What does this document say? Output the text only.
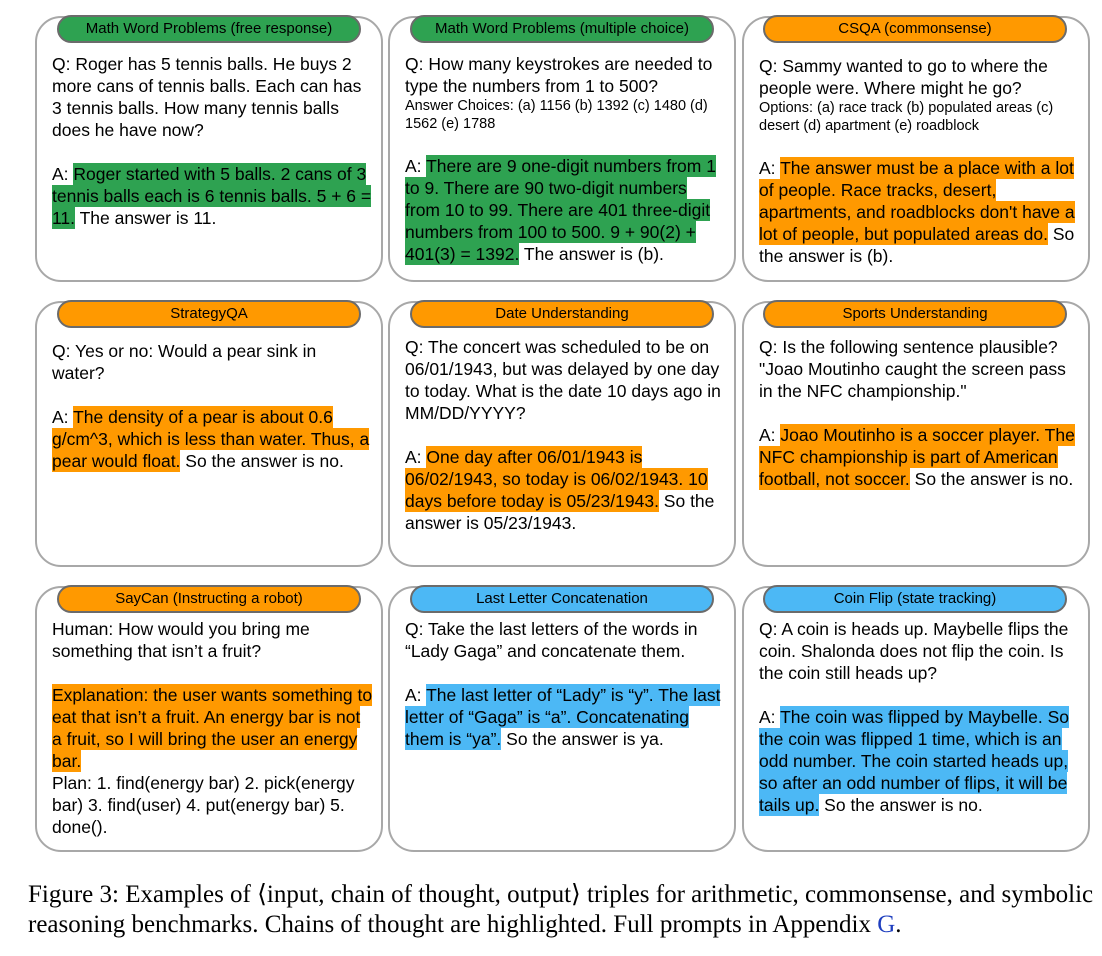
Math Word Problems (free response)

Q: Roger has 5 tennis balls. He buys 2 more cans of tennis balls. Each can has 3 tennis balls. How many tennis balls does he have now?

A: Roger started with 5 balls. 2 cans of 3 tennis balls each is 6 tennis balls. 5 + 6 = 11. The answer is 11.

Math Word Problems (multiple choice)

Q: How many keystrokes are needed to type the numbers from 1 to 500?

Answer Choices: (a) 1156 (b) 1392 (c) 1480 (d) 1562 (e) 1788

A: There are 9 one-digit numbers from 1 to 9. There are 90 two-digit numbers from 10 to 99. There are 401 three-digit numbers from 100 to 500. 9 + 90(2) + 401(3) = 1392. The answer is (b).

CSQA (commonsense)

Q: Sammy wanted to go to where the people were. Where might he go?

Options: (a) race track (b) populated areas (c) desert (d) apartment (e) roadblock

A: The answer must be a place with a lot of people. Race tracks, desert, apartments, and roadblocks don't have a lot of people, but populated areas do. So the answer is (b).

StrategyQA

Q: Yes or no: Would a pear sink in water?

A: The density of a pear is about 0.6 g/cm^3, which is less than water. Thus, a pear would float. So the answer is no.

Date Understanding

Q: The concert was scheduled to be on 06/01/1943, but was delayed by one day to today. What is the date 10 days ago in MM/DD/YYYY?

A: One day after 06/01/1943 is 06/02/1943, so today is 06/02/1943. 10 days before today is 05/23/1943. So the answer is 05/23/1943.

Sports Understanding

Q: Is the following sentence plausible? "Joao Moutinho caught the screen pass in the NFC championship."

A: Joao Moutinho is a soccer player. The NFC championship is part of American football, not soccer. So the answer is no.

SayCan (Instructing a robot)

Human: How would you bring me something that isn’t a fruit?

Explanation: the user wants something to eat that isn’t a fruit. An energy bar is not a fruit, so I will bring the user an energy bar.

Plan: 1. find(energy bar) 2. pick(energy bar) 3. find(user) 4. put(energy bar) 5. done().

Last Letter Concatenation

Q: Take the last letters of the words in “Lady Gaga” and concatenate them.

A: The last letter of “Lady” is “y”. The last letter of “Gaga” is “a”. Concatenating them is “ya”. So the answer is ya.

Coin Flip (state tracking)

Q: A coin is heads up. Maybelle flips the coin. Shalonda does not flip the coin. Is the coin still heads up?

A: The coin was flipped by Maybelle. So the coin was flipped 1 time, which is an odd number. The coin started heads up, so after an odd number of flips, it will be tails up. So the answer is no.

Figure 3: Examples of ⟨input, chain of thought, output⟩ triples for arithmetic, commonsense, and symbolic reasoning benchmarks. Chains of thought are highlighted. Full prompts in Appendix G.
